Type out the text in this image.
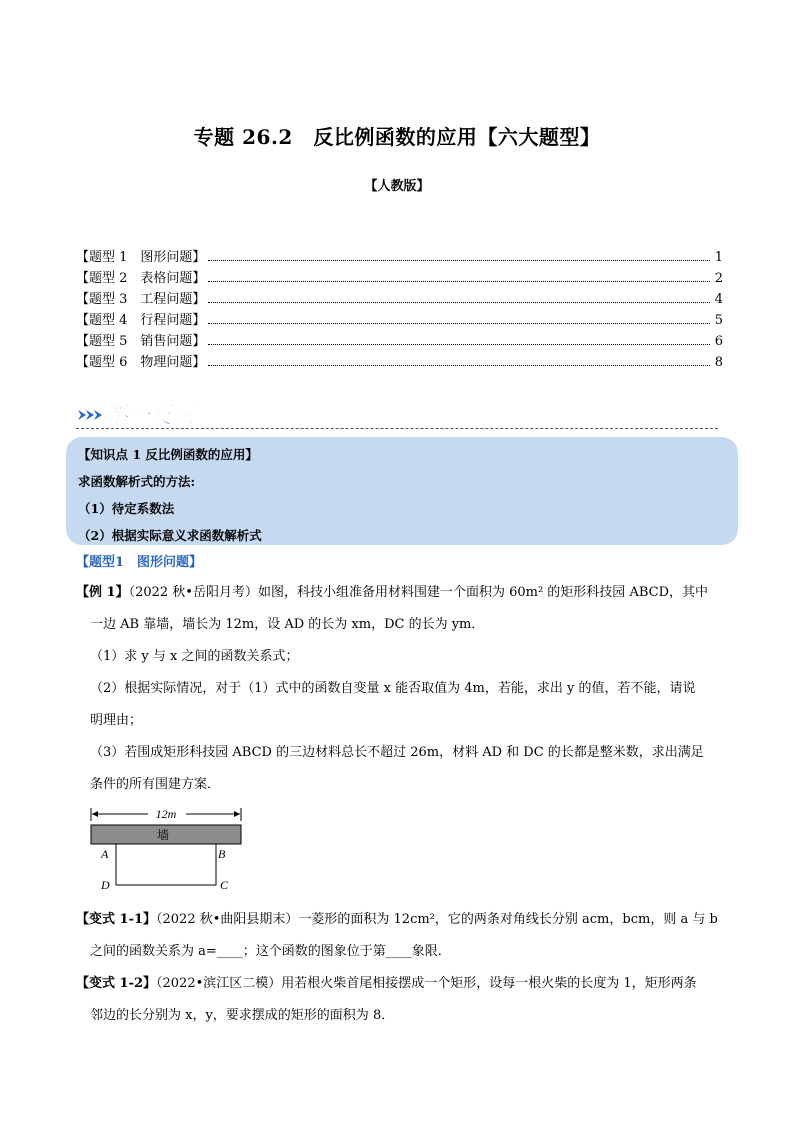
专题 26.2　反比例函数的应用【六大题型】
【人教版】
【题型 1　图形问题】	1
【题型 2　表格问题】	2
【题型 3　工程问题】	4
【题型 4　行程问题】	5
【题型 5　销售问题】	6
【题型 6　物理问题】	8
举一反三
【知识点 1 反比例函数的应用】
求函数解析式的方法:
（1）待定系数法
（2）根据实际意义求函数解析式
【题型1　图形问题】
【例 1】（2022 秋•岳阳月考）如图，科技小组准备用材料围建一个面积为 60m² 的矩形科技园 ABCD，其中
一边 AB 靠墙，墙长为 12m，设 AD 的长为 xm，DC 的长为 ym．
（1）求 y 与 x 之间的函数关系式；
（2）根据实际情况，对于（1）式中的函数自变量 x 能否取值为 4m，若能，求出 y 的值，若不能，请说
明理由；
（3）若围成矩形科技园 ABCD 的三边材料总长不超过 26m，材料 AD 和 DC 的长都是整米数，求出满足
条件的所有围建方案．
12m
墙
A	B
D	C
【变式 1-1】（2022 秋•曲阳县期末）一菱形的面积为 12cm²，它的两条对角线长分别 acm，bcm，则 a 与 b
之间的函数关系为 a=____；这个函数的图象位于第____象限．
【变式 1-2】（2022•滨江区二模）用若根火柴首尾相接摆成一个矩形，设每一根火柴的长度为 1，矩形两条
邻边的长分别为 x，y，要求摆成的矩形的面积为 8．
